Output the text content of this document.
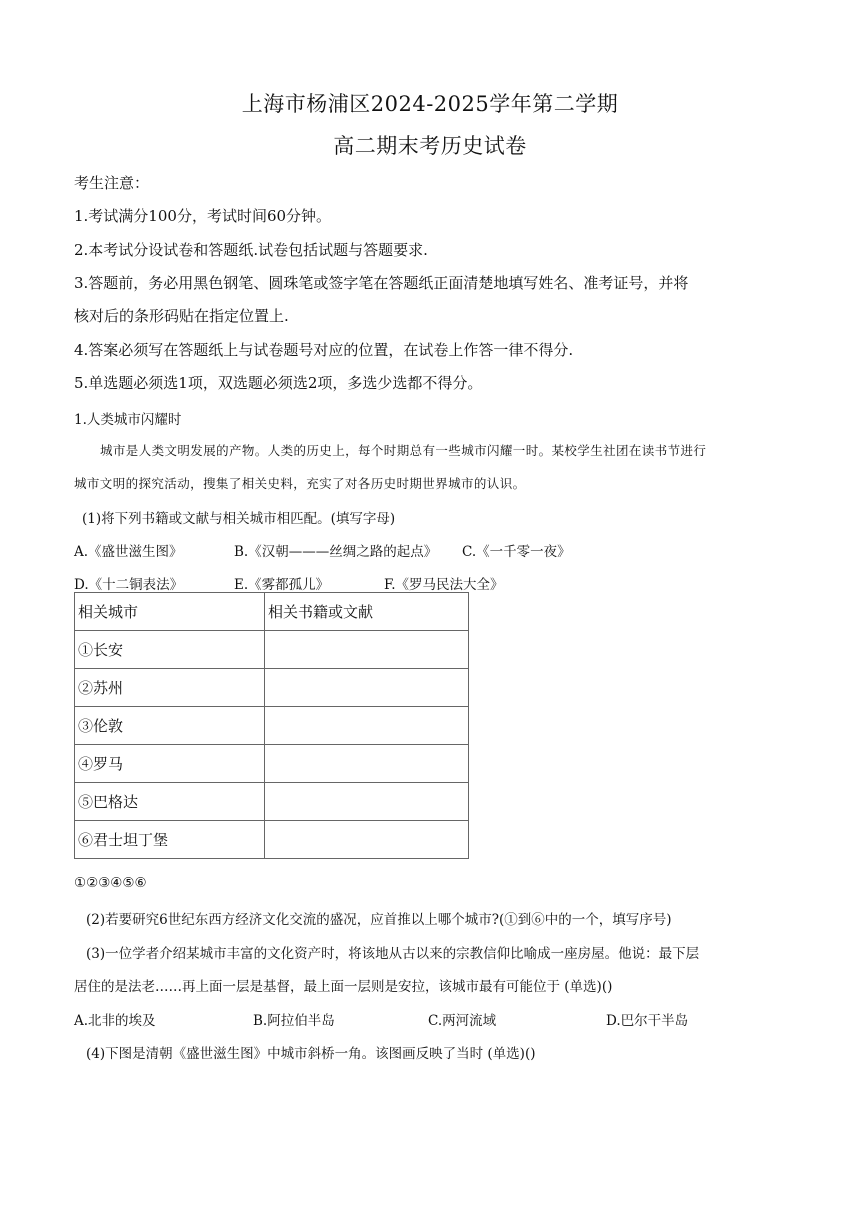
上海市杨浦区2024-2025学年第二学期
高二期末考历史试卷
考生注意：
1.考试满分100分，考试时间60分钟。
2.本考试分设试卷和答题纸.试卷包括试题与答题要求.
3.答题前，务必用黑色钢笔、圆珠笔或签字笔在答题纸正面清楚地填写姓名、准考证号，并将
核对后的条形码贴在指定位置上.
4.答案必须写在答题纸上与试卷题号对应的位置，在试卷上作答一律不得分.
5.单选题必须选1项，双选题必须选2项，多选少选都不得分。
1.人类城市闪耀时
城市是人类文明发展的产物。人类的历史上，每个时期总有一些城市闪耀一时。某校学生社团在读书节进行
城市文明的探究活动，搜集了相关史料，充实了对各历史时期世界城市的认识。
(1)将下列书籍或文献与相关城市相匹配。(填写字母)
A.《盛世滋生图》	B.《汉朝———丝绸之路的起点》 C.《一千零一夜》
D.《十二铜表法》	E.《雾都孤儿》	F.《罗马民法大全》
相关城市	相关书籍或文献
①长安	
②苏州	
③伦敦	
④罗马	
⑤巴格达	
⑥君士坦丁堡	
①②③④⑤⑥
(2)若要研究6世纪东西方经济文化交流的盛况，应首推以上哪个城市?(①到⑥中的一个，填写序号)
(3)一位学者介绍某城市丰富的文化资产时，将该地从古以来的宗教信仰比喻成一座房屋。他说：最下层
居住的是法老……再上面一层是基督，最上面一层则是安拉，该城市最有可能位于 (单选)()
A.北非的埃及	B.阿拉伯半岛	C.两河流域	D.巴尔干半岛
(4)下图是清朝《盛世滋生图》中城市斜桥一角。该图画反映了当时 (单选)()
